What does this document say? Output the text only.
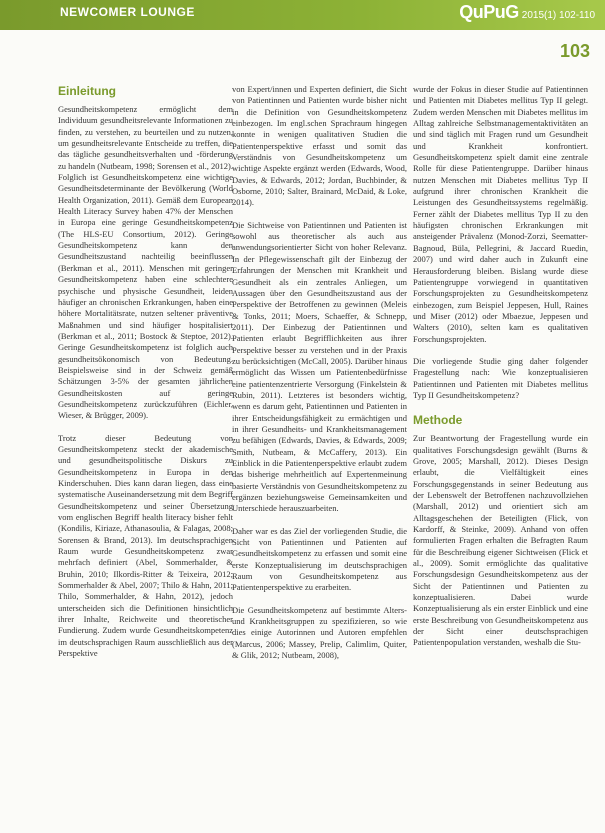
NEWCOMER LOUNGE	QuPuG 2015(1) 102-110
103
Einleitung

Gesundheitskompetenz ermöglicht dem Individuum gesundheitsrelevante Informationen zu finden, zu verstehen, zu beurteilen und zu nutzen, um gesundheitsrelevante Entscheide zu treffen, die das tägliche gesundheitsverhalten und -förderung zu handeln (Nutbeam, 1998; Sorensen et al., 2012). Folglich ist Gesundheitskompetenz eine wichtige Gesundheitsdeterminante der Bevölkerung (World Health Organization, 2011). Gemäß dem European Health Literacy Survey haben 47% der Menschen in Europa eine geringe Gesundheitskompetenz (The HLS-EU Consortium, 2012). Geringe Gesundheitskompetenz kann den Gesundheitszustand nachteilig beeinflussen (Berkman et al., 2011). Menschen mit geringer Gesundheitskompetenz haben eine schlechtere psychische und physische Gesundheit, leiden häufiger an chronischen Erkrankungen, haben eine höhere Mortalitätsrate, nutzen seltener präventive Maßnahmen und sind häufiger hospitalisiert (Berkman et al., 2011; Bostock & Steptoe, 2012). Geringe Gesundheitskompetenz ist folglich auch gesundheitsökonomisch von Bedeutung. Beispielsweise sind in der Schweiz gemäß Schätzungen 3-5% der gesamten jährlichen Gesundheitskosten auf geringe Gesundheitskompetenz zurückzuführen (Eichler, Wieser, & Brügger, 2009).

Trotz dieser Bedeutung von Gesundheitskompetenz steckt der akademische und gesundheitspolitische Diskurs zu Gesundheitskompetenz in Europa in den Kinderschuhen. Dies kann daran liegen, dass eine systematische Auseinandersetzung mit dem Begriff Gesundheitskompetenz und seiner Übersetzung vom englischen Begriff health literacy bisher fehlt (Kondilis, Kiriaze, Athanasoulia, & Falagas, 2008; Sorensen & Brand, 2013). Im deutschsprachigen Raum wurde Gesundheitskompetenz zwar mehrfach definiert (Abel, Sommerhalder, & Bruhin, 2010; Ilkordis-Ritter & Teixeira, 2012; Sommerhalder & Abel, 2007; Thilo & Hahn, 2011; Thilo, Sommerhalder, & Hahn, 2012), jedoch unterscheiden sich die Definitionen hinsichtlich ihrer Inhalte, Reichweite und theoretischer Fundierung. Zudem wurde Gesundheitskompetenz im deutschsprachigen Raum ausschließlich aus der Perspektive

von Expert/innen und Experten definiert, die Sicht von Patientinnen und Patienten wurde bisher nicht in die Definition von Gesundheitskompetenz einbezogen. Im engl.schen Sprachraum hingegen konnte in wenigen qualitativen Studien die Patientenperspektive erfasst und somit das Verständnis von Gesundheitskompetenz um wichtige Aspekte ergänzt werden (Edwards, Wood, Davies, & Edwards, 2012; Jordan, Buchbinder, & Osborne, 2010; Salter, Brainard, McDaid, & Loke, 2014).

Die Sichtweise von Patientinnen und Patienten ist sowohl aus theoretischer als auch aus anwendungsorientierter Sicht von hoher Relevanz. In der Pflegewissenschaft gilt der Einbezug der Erfahrungen der Menschen mit Krankheit und Gesundheit als ein zentrales Anliegen, um Aussagen über den Gesundheitszustand aus der Perspektive der Betroffenen zu gewinnen (Meleis & Tonks, 2011; Moers, Schaeffer, & Schnepp, 2011). Der Einbezug der Patientinnen und Patienten erlaubt Begrifflichkeiten aus ihrer Perspektive besser zu verstehen und in der Praxis zu berücksichtigen (McCall, 2005). Darüber hinaus ermöglicht das Wissen um Patientenbedürfnisse eine patientenzentrierte Versorgung (Finkelstein & Rubin, 2011). Letzteres ist besonders wichtig, wenn es darum geht, Patientinnen und Patienten in ihrer Entscheidungsfähigkeit zu ermächtigen und in ihrer Gesundheits- und Krankheitsmanagement zu befähigen (Edwards, Davies, & Edwards, 2009; Smith, Nutbeam, & McCaffery, 2013). Ein Einblick in die Patientenperspektive erlaubt zudem das bisherige mehrheitlich auf Expertenmeinung basierte Verständnis von Gesundheitskompetenz zu ergänzen beziehungsweise Gemeinsamkeiten und Unterschiede herauszuarbeiten.

Daher war es das Ziel der vorliegenden Studie, die Sicht von Patientinnen und Patienten auf Gesundheitskompetenz zu erfassen und somit eine erste Konzeptualisierung im deutschsprachigen Raum von Gesundheitskompetenz aus Patientenperspektive zu erarbeiten.

Die Gesundheitskompetenz auf bestimmte Alters- und Krankheitsgruppen zu spezifizieren, so wie dies einige Autorinnen und Autoren empfehlen (Marcus, 2006; Massey, Prelip, Calimlim, Quiter, & Glik, 2012; Nutbeam, 2008),

wurde der Fokus in dieser Studie auf Patientinnen und Patienten mit Diabetes mellitus Typ II gelegt. Zudem werden Menschen mit Diabetes mellitus im Alltag zahlreiche Selbstmanagementaktivitäten an und sind täglich mit Fragen rund um Gesundheit und Krankheit konfrontiert. Gesundheitskompetenz spielt damit eine zentrale Rolle für diese Patientengruppe. Darüber hinaus nutzen Menschen mit Diabetes mellitus Typ II aufgrund ihrer chronischen Krankheit die Leistungen des Gesundheitssystems regelmäßig. Ferner zählt der Diabetes mellitus Typ II zu den häufigsten chronischen Erkrankungen mit ansteigender Prävalenz (Monod-Zorzi, Seematter-Bagnoud, Büla, Pellegrini, & Jaccard Ruedin, 2007) und wird daher auch in Zukunft eine Herausforderung bleiben. Bislang wurde diese Patientengruppe vorwiegend in quantitativen Forschungsprojekten zu Gesundheitskompetenz einbezogen, zum Beispiel Jeppesen, Hull, Raines und Miser (2012) oder Mbaezue, Jeppesen und Walters (2010), selten kam es qualitativen Forschungsprojekten.

Die vorliegende Studie ging daher folgender Fragestellung nach: Wie konzeptualisieren Patientinnen und Patienten mit Diabetes mellitus Typ II Gesundheitskompetenz?

Methode

Zur Beantwortung der Fragestellung wurde ein qualitatives Forschungsdesign gewählt (Burns & Grove, 2005; Marshall, 2012). Dieses Design erlaubt, die Vielfältigkeit eines Forschungsgegenstands in seiner Bedeutung aus der Lebenswelt der Betroffenen nachzuvollziehen (Marshall, 2012) und orientiert sich am Alltagsgeschehen der Beteiligten (Flick, von Kardorff, & Steinke, 2009). Anhand von offen formulierten Fragen erhalten die Befragten Raum für die Beschreibung eigener Sichtweisen (Flick et al., 2009). Somit ermöglichte das qualitative Forschungsdesign Gesundheitskompetenz aus der Sicht der Patientinnen und Patienten zu konzeptualisieren. Dabei wurde Konzeptualisierung als ein erster Einblick und eine erste Beschreibung von Gesundheitskompetenz aus der Sicht einer deutschsprachigen Patientenpopulation verstanden, weshalb die Stu-
